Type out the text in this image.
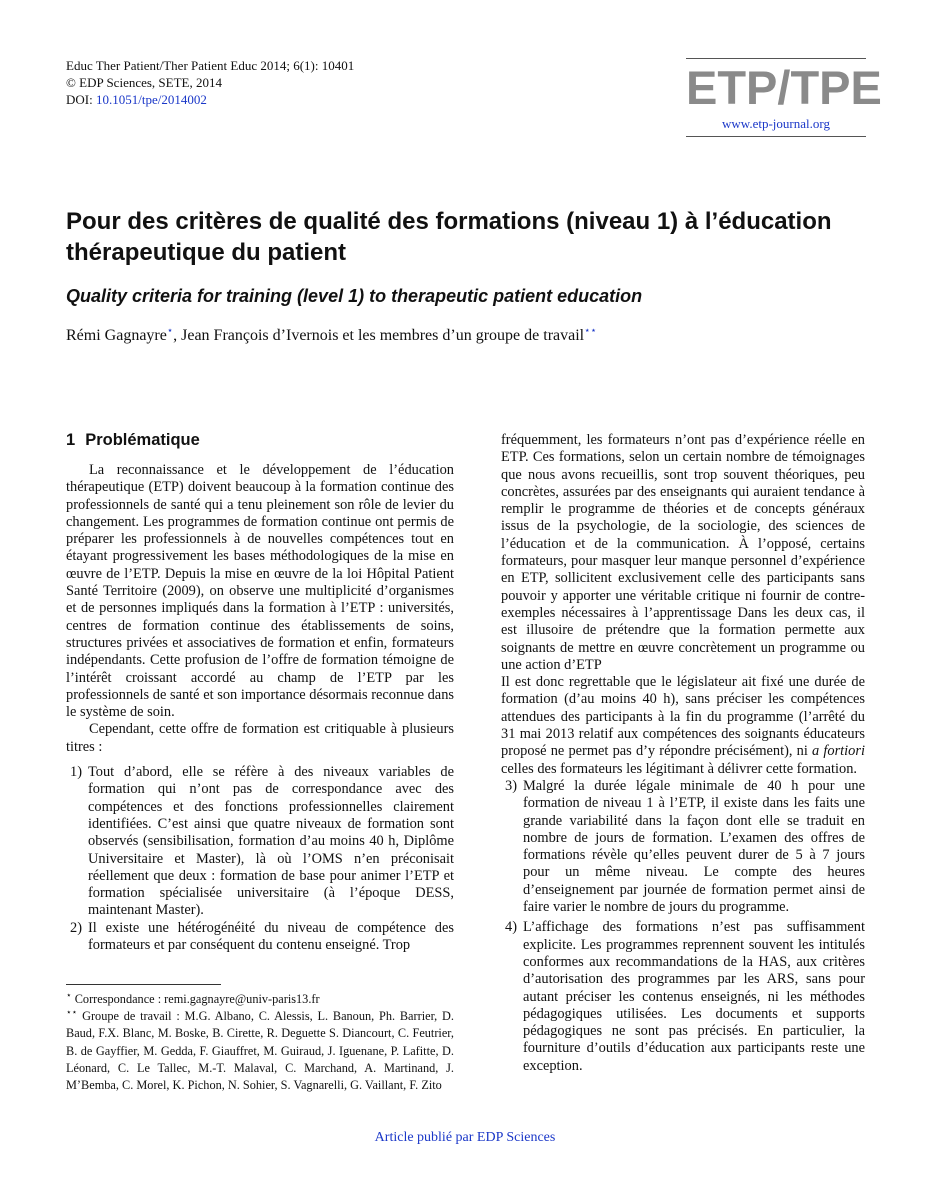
Educ Ther Patient/Ther Patient Educ 2014; 6(1): 10401
© EDP Sciences, SETE, 2014
DOI: 10.1051/tpe/2014002	ETP/TPE
www.etp-journal.org
Pour des critères de qualité des formations (niveau 1) à l’éducation thérapeutique du patient
Quality criteria for training (level 1) to therapeutic patient education
Rémi Gagnayre⋆, Jean François d’Ivernois et les membres d’un groupe de travail⋆⋆
1 Problématique

La reconnaissance et le développement de l’éducation thérapeutique (ETP) doivent beaucoup à la formation continue des professionnels de santé qui a tenu pleinement son rôle de levier du changement. Les programmes de formation continue ont permis de préparer les professionnels à de nouvelles compétences tout en étayant progressivement les bases méthodologiques de la mise en œuvre de l’ETP. Depuis la mise en œuvre de la loi Hôpital Patient Santé Territoire (2009), on observe une multiplicité d’organismes et de personnes impliqués dans la formation à l’ETP : universités, centres de formation continue des établissements de soins, structures privées et associatives de formation et enfin, formateurs indépendants. Cette profusion de l’offre de formation témoigne de l’intérêt croissant accordé au champ de l’ETP par les professionnels de santé et son importance désormais reconnue dans le système de soin.

Cependant, cette offre de formation est critiquable à plusieurs titres :

1) Tout d’abord, elle se réfère à des niveaux variables de formation qui n’ont pas de correspondance avec des compétences et des fonctions professionnelles clairement identifiées. C’est ainsi que quatre niveaux de formation sont observés (sensibilisation, formation d’au moins 40 h, Diplôme Universitaire et Master), là où l’OMS n’en préconisait réellement que deux : formation de base pour animer l’ETP et formation spécialisée universitaire (à l’époque DESS, maintenant Master).
2) Il existe une hétérogénéité du niveau de compétence des formateurs et par conséquent du contenu enseigné. Trop

fréquemment, les formateurs n’ont pas d’expérience réelle en ETP. Ces formations, selon un certain nombre de témoignages que nous avons recueillis, sont trop souvent théoriques, peu concrètes, assurées par des enseignants qui auraient tendance à remplir le programme de théories et de concepts généraux issus de la psychologie, de la sociologie, des sciences de l’éducation et de la communication. À l’opposé, certains formateurs, pour masquer leur manque personnel d’expérience en ETP, sollicitent exclusivement celle des participants sans pouvoir y apporter une véritable critique ni fournir de contre-exemples nécessaires à l’apprentissage Dans les deux cas, il est illusoire de prétendre que la formation permette aux soignants de mettre en œuvre concrètement un programme ou une action d’ETP

Il est donc regrettable que le législateur ait fixé une durée de formation (d’au moins 40 h), sans préciser les compétences attendues des participants à la fin du programme (l’arrêté du 31 mai 2013 relatif aux compétences des soignants éducateurs proposé ne permet pas d’y répondre précisément), ni a fortiori celles des formateurs les légitimant à délivrer cette formation.

3) Malgré la durée légale minimale de 40 h pour une formation de niveau 1 à l’ETP, il existe dans les faits une grande variabilité dans la façon dont elle se traduit en nombre de jours de formation. L’examen des offres de formations révèle qu’elles peuvent durer de 5 à 7 jours pour un même niveau. Le compte des heures d’enseignement par journée de formation permet ainsi de faire varier le nombre de jours du programme.
4) L’affichage des formations n’est pas suffisamment explicite. Les programmes reprennent souvent les intitulés conformes aux recommandations de la HAS, aux critères d’autorisation des programmes par les ARS, sans pour autant préciser les contenus enseignés, ni les méthodes pédagogiques utilisées. Les documents et supports pédagogiques ne sont pas précisés. En particulier, la fourniture d’outils d’éducation aux participants reste une exception.
⋆ Correspondance : remi.gagnayre@univ-paris13.fr
⋆⋆ Groupe de travail : M.G. Albano, C. Alessis, L. Banoun, Ph. Barrier, D. Baud, F.X. Blanc, M. Boske, B. Cirette, R. Deguette S. Diancourt, C. Feutrier, B. de Gayffier, M. Gedda, F. Giauffret, M. Guiraud, J. Iguenane, P. Lafitte, D. Léonard, C. Le Tallec, M.-T. Malaval, C. Marchand, A. Martinand, J. M’Bemba, C. Morel, K. Pichon, N. Sohier, S. Vagnarelli, G. Vaillant, F. Zito
Article publié par EDP Sciences
